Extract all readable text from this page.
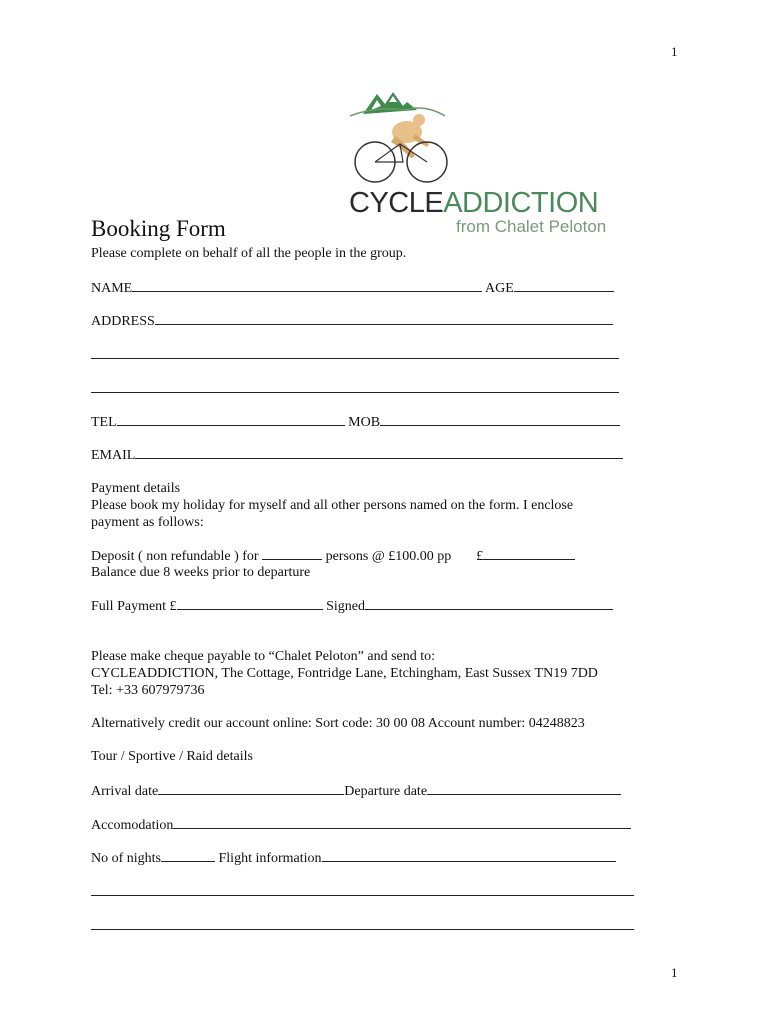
1
CYCLEADDICTION
from Chalet Peloton
Booking Form
Please complete on behalf of all the people in the group.
NAME	AGE
ADDRESS
TEL	MOB
EMAIL
Payment details
Please book my holiday for myself and all other persons named on the form. I enclose
payment as follows:
Deposit ( non refundable ) for	persons @ £100.00 pp £
Balance due 8 weeks prior to departure
Full Payment £	Signed
Please make cheque payable to “Chalet Peloton” and send to:
CYCLEADDICTION, The Cottage, Fontridge Lane, Etchingham, East Sussex TN19 7DD
Tel: +33 607979736
Alternatively credit our account online: Sort code: 30 00 08 Account number: 04248823
Tour / Sportive / Raid details
Arrival date	Departure date
Accomodation
No of nights	Flight information
1
